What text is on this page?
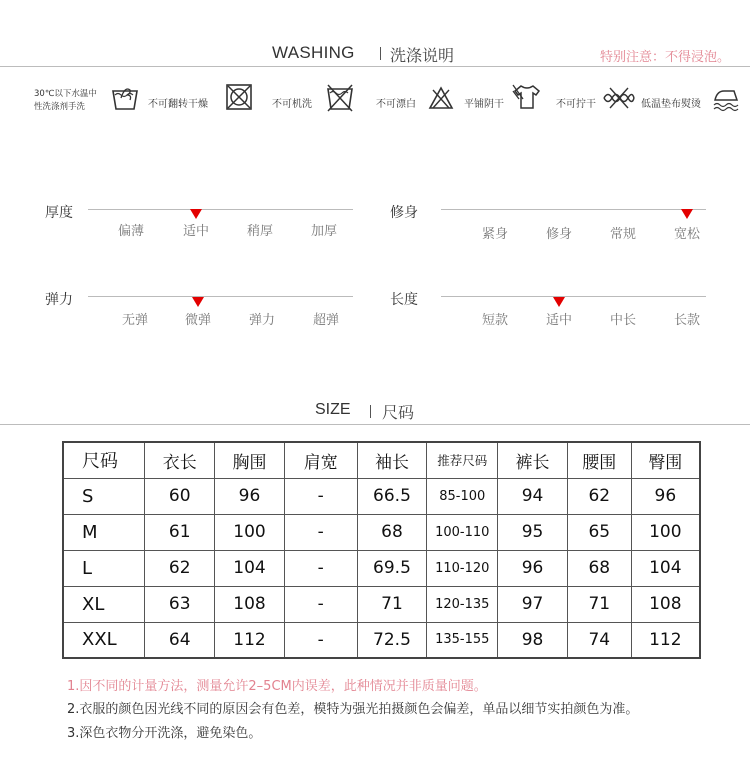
WASHING 洗涤说明	特别注意：不得浸泡。
30℃以下水温中
性洗涤剂手洗	不可翻转干燥	不可机洗	不可漂白	平铺阴干	不可拧干	低温垫布熨烫
厚度
偏薄	适中	稍厚	加厚
修身
紧身	修身	常规	宽松
弹力
无弹	微弹	弹力	超弹
长度
短款	适中	中长	长款
SIZE 尺码
尺码	衣长	胸围	肩宽	袖长	推荐尺码	裤长	腰围	臀围
S	60	96	-	66.5	85-100	94	62	96
M	61	100	-	68	100-110	95	65	100
L	62	104	-	69.5	110-120	96	68	104
XL	63	108	-	71	120-135	97	71	108
XXL	64	112	-	72.5	135-155	98	74	112
1.因不同的计量方法，测量允许2–5CM内误差，此种情况并非质量问题。
2.衣服的颜色因光线不同的原因会有色差，模特为强光拍摄颜色会偏差，单品以细节实拍颜色为准。
3.深色衣物分开洗涤，避免染色。
